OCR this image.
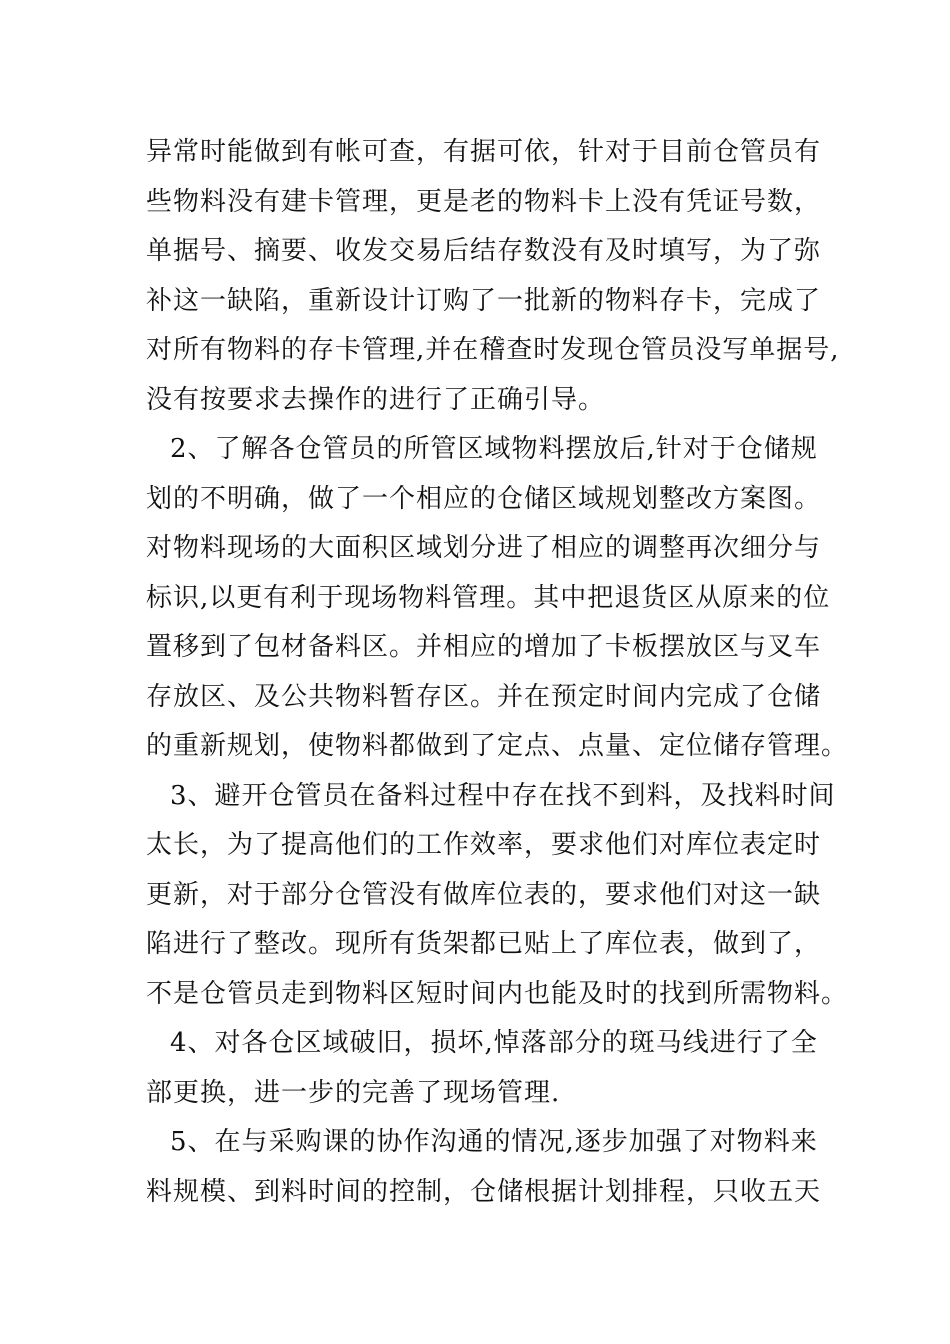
异常时能做到有帐可查，有据可依，针对于目前仓管员有
些物料没有建卡管理，更是老的物料卡上没有凭证号数，
单据号、摘要、收发交易后结存数没有及时填写，为了弥
补这一缺陷，重新设计订购了一批新的物料存卡，完成了
对所有物料的存卡管理,并在稽查时发现仓管员没写单据号,
没有按要求去操作的进行了正确引导。
2、了解各仓管员的所管区域物料摆放后,针对于仓储规
划的不明确，做了一个相应的仓储区域规划整改方案图。
对物料现场的大面积区域划分进了相应的调整再次细分与
标识,以更有利于现场物料管理。其中把退货区从原来的位
置移到了包材备料区。并相应的增加了卡板摆放区与叉车
存放区、及公共物料暂存区。并在预定时间内完成了仓储
的重新规划，使物料都做到了定点、点量、定位储存管理。
3、避开仓管员在备料过程中存在找不到料，及找料时间
太长，为了提高他们的工作效率，要求他们对库位表定时
更新，对于部分仓管没有做库位表的，要求他们对这一缺
陷进行了整改。现所有货架都已贴上了库位表，做到了，
不是仓管员走到物料区短时间内也能及时的找到所需物料。
4、对各仓区域破旧，损坏,悼落部分的斑马线进行了全
部更换，进一步的完善了现场管理.
5、在与采购课的协作沟通的情况,逐步加强了对物料来
料规模、到料时间的控制，仓储根据计划排程，只收五天
